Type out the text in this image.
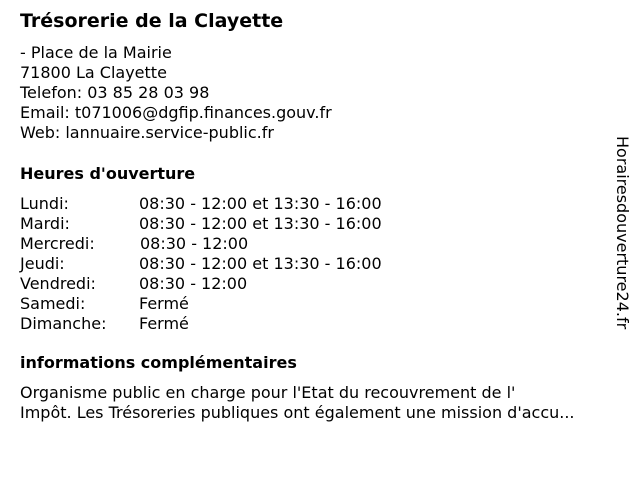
Trésorerie de la Clayette
- Place de la Mairie
71800 La Clayette
Telefon: 03 85 28 03 98
Email: t071006@dgfip.finances.gouv.fr
Web: lannuaire.service-public.fr
Heures d'ouverture
Lundi:	08:30 - 12:00 et 13:30 - 16:00
Mardi:	08:30 - 12:00 et 13:30 - 16:00
Mercredi:	08:30 - 12:00
Jeudi:	08:30 - 12:00 et 13:30 - 16:00
Vendredi:	08:30 - 12:00
Samedi:	Fermé
Dimanche: Fermé
informations complémentaires
Organisme public en charge pour l'Etat du recouvrement de l'
Impôt. Les Trésoreries publiques ont également une mission d'accu...
Horairesdouverture24.fr
